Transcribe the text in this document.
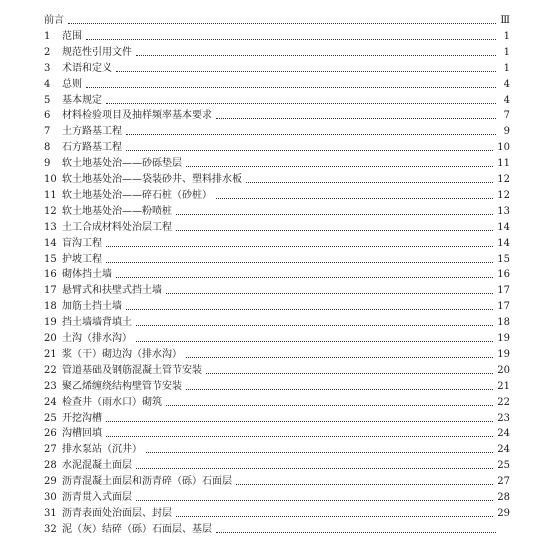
前言	Ⅲ
1	范围	1
2	规范性引用文件	1
3	术语和定义	1
4	总则	4
5	基本规定	4
6	材料检验项目及抽样频率基本要求	7
7	土方路基工程	9
8	石方路基工程	10
9	软土地基处治——砂砾垫层	11
10 软土地基处治——袋装砂井、塑料排水板	12
11 软土地基处治——碎石桩（砂桩）	12
12 软土地基处治——粉喷桩	13
13 土工合成材料处治层工程	14
14 盲沟工程	14
15 护坡工程	15
16 砌体挡土墙	16
17 悬臂式和扶壁式挡土墙	17
18 加筋土挡土墙	17
19 挡土墙墙背填土	18
20 土沟（排水沟）	19
21 浆（干）砌边沟（排水沟）	19
22 管道基础及钢筋混凝土管节安装	20
23 聚乙烯缠绕结构壁管节安装	21
24 检查井（雨水口）砌筑	22
25 开挖沟槽	23
26 沟槽回填	24
27 排水泵站（沉井）	24
28 水泥混凝土面层	25
29 沥青混凝土面层和沥青碎（砾）石面层	27
30 沥青贯入式面层	28
31 沥青表面处治面层、封层	29
32 泥（灰）结碎（砾）石面层、基层
